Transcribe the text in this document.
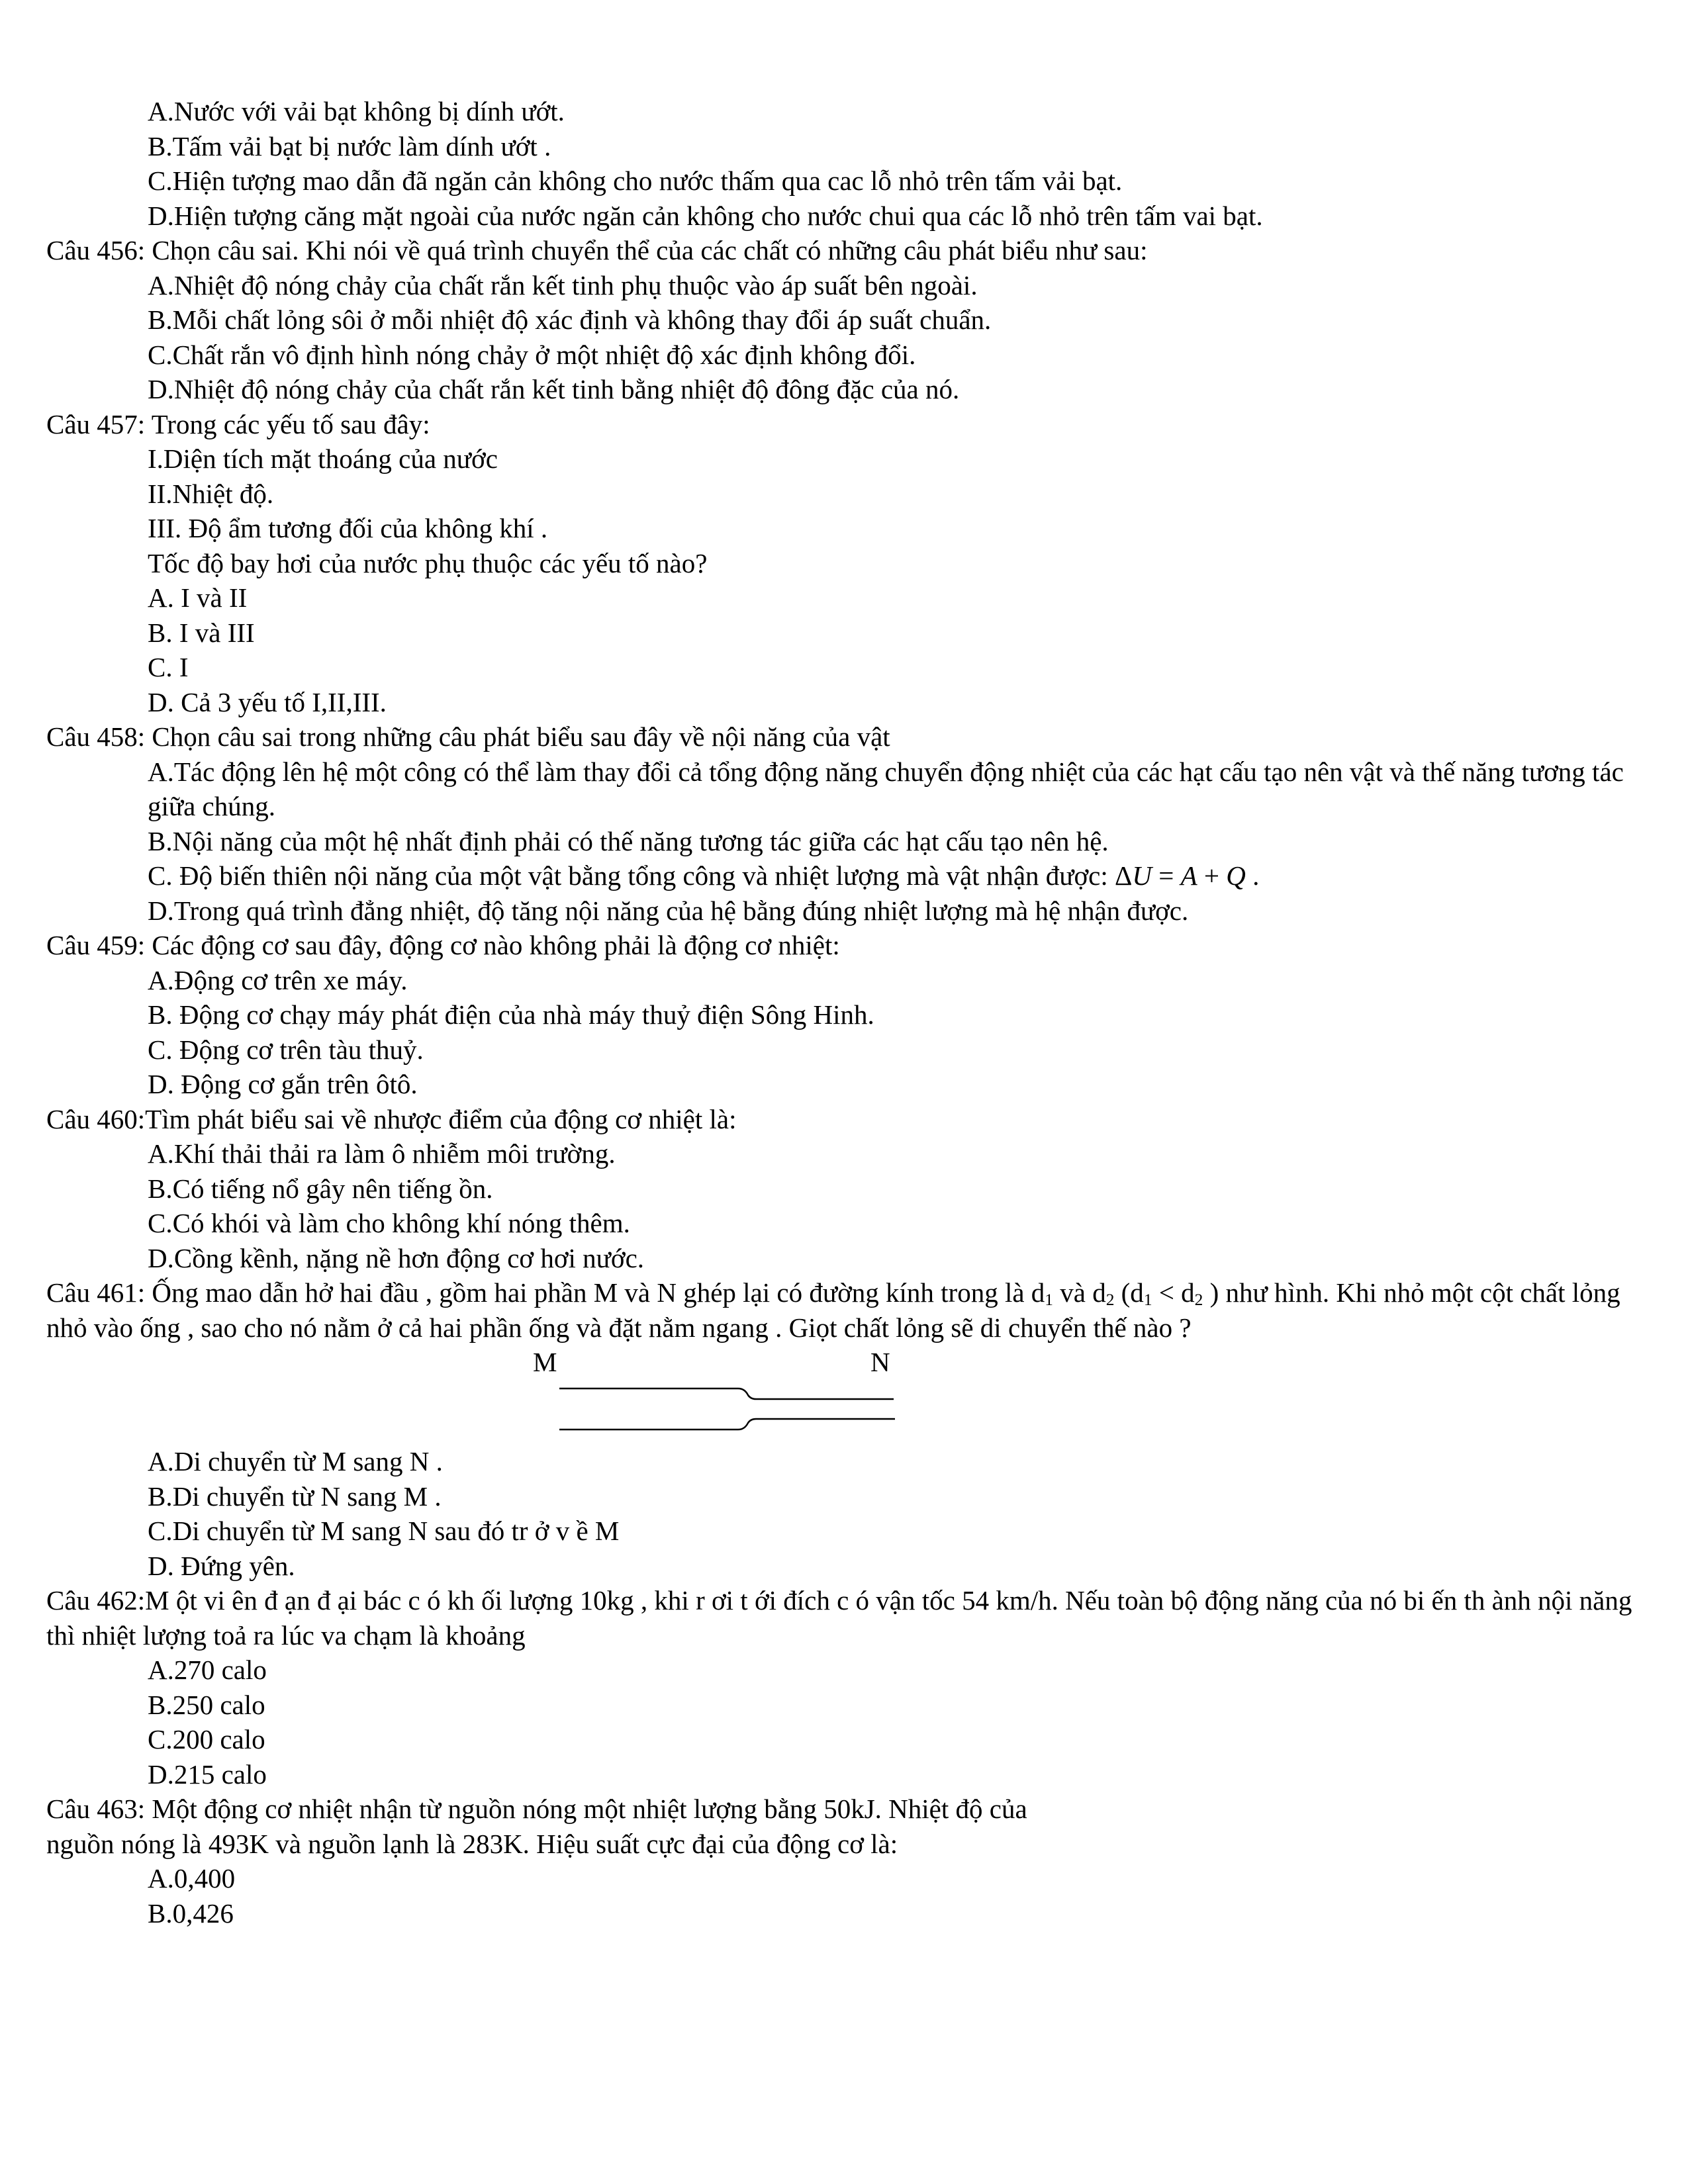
A.Nước với vải bạt không bị dính ướt.

B.Tấm vải bạt bị nước làm dính ướt .

C.Hiện tượng mao dẫn đã ngăn cản không cho nước thấm qua cac lỗ nhỏ trên tấm vải bạt.

D.Hiện tượng căng mặt ngoài của nước ngăn cản không cho nước chui qua các lỗ nhỏ trên tấm vai bạt.

Câu 456: Chọn câu sai. Khi nói về quá trình chuyển thể của các chất có những câu phát biểu như sau:

A.Nhiệt độ nóng chảy của chất rắn kết tinh phụ thuộc vào áp suất bên ngoài.

B.Mỗi chất lỏng sôi ở mỗi nhiệt độ xác định và không thay đổi áp suất chuẩn.

C.Chất rắn vô định hình nóng chảy ở một nhiệt độ xác định không đổi.

D.Nhiệt độ nóng chảy của chất rắn kết tinh bằng nhiệt độ đông đặc của nó.

Câu 457: Trong các yếu tố sau đây:

I.Diện tích mặt thoáng của nước

II.Nhiệt độ.

III. Độ ẩm tương đối của không khí .

Tốc độ bay hơi của nước phụ thuộc các yếu tố nào?

A. I và II

B. I và III

C. I

D. Cả 3 yếu tố I,II,III.

Câu 458: Chọn câu sai trong những câu phát biểu sau đây về nội năng của vật

A.Tác động lên hệ một công có thể làm thay đổi cả tổng động năng chuyển động nhiệt của các hạt cấu tạo nên vật và thế năng tương tác giữa chúng.

B.Nội năng của một hệ nhất định phải có thế năng tương tác giữa các hạt cấu tạo nên hệ.

C. Độ biến thiên nội năng của một vật bằng tổng công và nhiệt lượng mà vật nhận được: ΔU = A + Q .

D.Trong quá trình đẳng nhiệt, độ tăng nội năng của hệ bằng đúng nhiệt lượng mà hệ nhận được.

Câu 459: Các động cơ sau đây, động cơ nào không phải là động cơ nhiệt:

A.Động cơ trên xe máy.

B. Động cơ chạy máy phát điện của nhà máy thuỷ điện Sông Hinh.

C. Động cơ trên tàu thuỷ.

D. Động cơ gắn trên ôtô.

Câu 460:Tìm phát biểu sai về nhược điểm của động cơ nhiệt là:

A.Khí thải thải ra làm ô nhiễm môi trường.

B.Có tiếng nổ gây nên tiếng ồn.

C.Có khói và làm cho không khí nóng thêm.

D.Cồng kềnh, nặng nề hơn động cơ hơi nước.

Câu 461: Ống mao dẫn hở hai đầu , gồm hai phần M và N ghép lại có đường kính trong là d1 và d2 (d1 < d2 ) như hình. Khi nhỏ một cột chất lỏng nhỏ vào ống , sao cho nó nằm ở cả hai phần ống và đặt nằm ngang . Giọt chất lỏng sẽ di chuyển thế nào ?

M	N

A.Di chuyển từ M sang N .

B.Di chuyển từ N sang M .

C.Di chuyển từ M sang N sau đó tr ở v ề M

D. Đứng yên.

Câu 462:M ột vi ên đ ạn đ ại bác c ó kh ối lượng 10kg , khi r ơi t ới đích c ó vận tốc 54 km/h. Nếu toàn bộ động năng của nó bi ến th ành nội năng thì nhiệt lượng toả ra lúc va chạm là khoảng

A.270 calo

B.250 calo

C.200 calo

D.215 calo

Câu 463: Một động cơ nhiệt nhận từ nguồn nóng một nhiệt lượng bằng 50kJ. Nhiệt độ của

nguồn nóng là 493K và nguồn lạnh là 283K. Hiệu suất cực đại của động cơ là:

A.0,400

B.0,426
